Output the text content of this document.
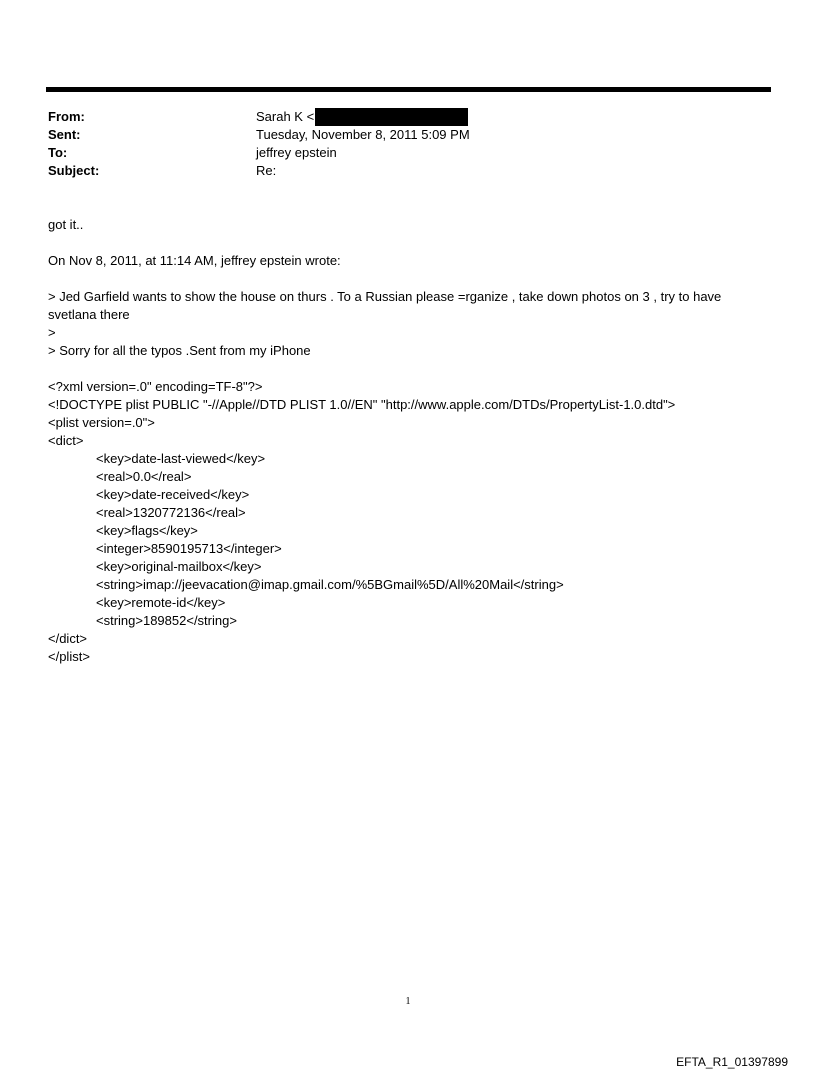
From:	Sarah K <
Sent:	Tuesday, November 8, 2011 5:09 PM
To:	jeffrey epstein
Subject:	Re:
got it..
On Nov 8, 2011, at 11:14 AM, jeffrey epstein wrote:
> Jed Garfield wants to show the house on thurs . To a Russian please =rganize , take down photos on 3 , try to have svetlana there
>
> Sorry for all the typos .Sent from my iPhone
<?xml version=.0" encoding=TF-8"?>
<!DOCTYPE plist PUBLIC "-//Apple//DTD PLIST 1.0//EN" "http://www.apple.com/DTDs/PropertyList-1.0.dtd">
<plist version=.0">
<dict>
<key>date-last-viewed</key>
<real>0.0</real>
<key>date-received</key>
<real>1320772136</real>
<key>flags</key>
<integer>8590195713</integer>
<key>original-mailbox</key>
<string>imap://jeevacation@imap.gmail.com/%5BGmail%5D/All%20Mail</string>
<key>remote-id</key>
<string>189852</string>
</dict>
</plist>
1
EFTA_R1_01397899
